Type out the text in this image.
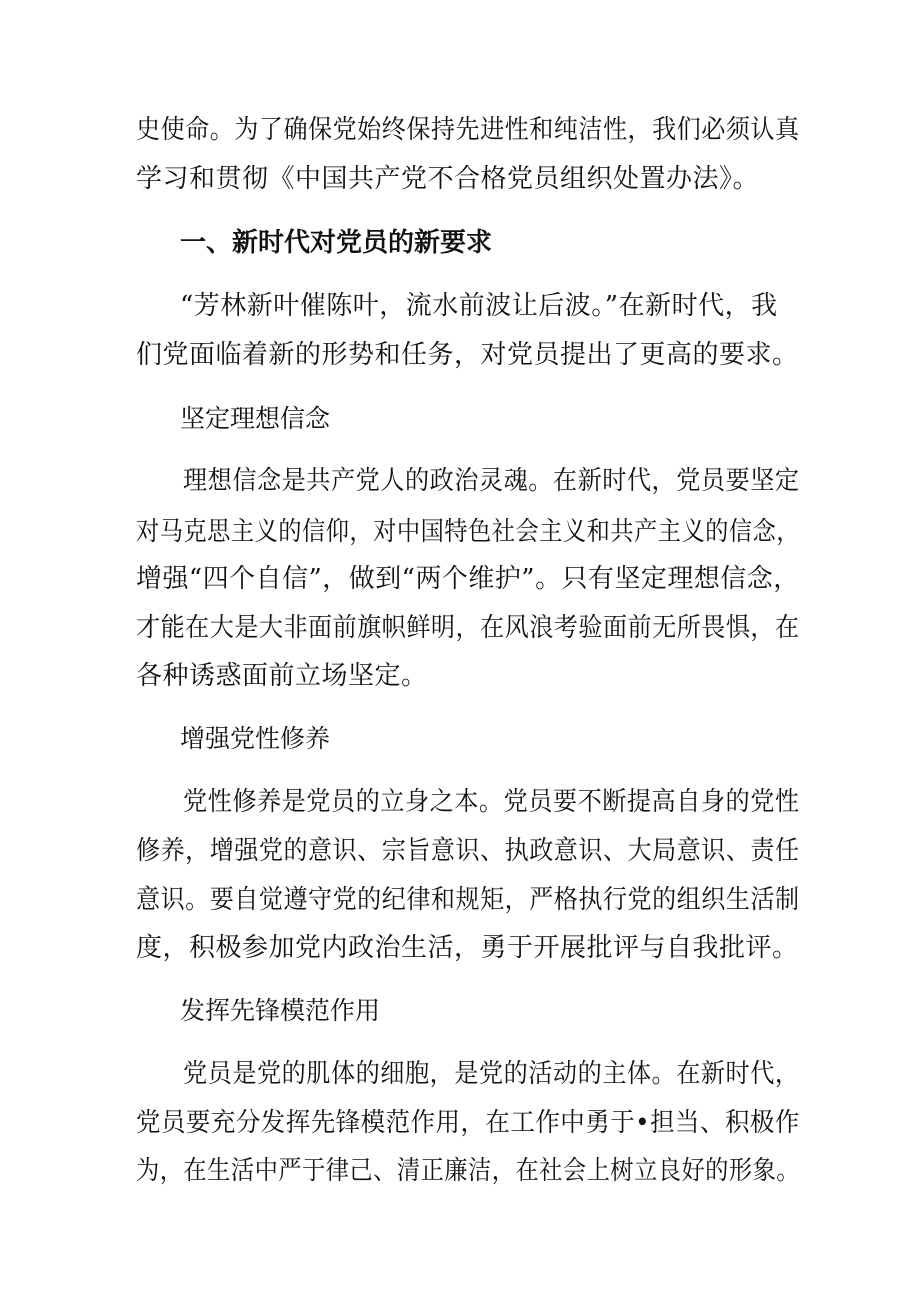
史使命。为了确保党始终保持先进性和纯洁性，我们必须认真
学习和贯彻《中国共产党不合格党员组织处置办法》。
一、新时代对党员的新要求
“芳林新叶催陈叶，流水前波让后波。”在新时代，我
们党面临着新的形势和任务，对党员提出了更高的要求。
坚定理想信念
理想信念是共产党人的政治灵魂。在新时代，党员要坚定
对马克思主义的信仰，对中国特色社会主义和共产主义的信念，
增强“四个自信”，做到“两个维护”。只有坚定理想信念，
才能在大是大非面前旗帜鲜明，在风浪考验面前无所畏惧，在
各种诱惑面前立场坚定。
增强党性修养
党性修养是党员的立身之本。党员要不断提高自身的党性
修养，增强党的意识、宗旨意识、执政意识、大局意识、责任
意识。要自觉遵守党的纪律和规矩，严格执行党的组织生活制
度，积极参加党内政治生活，勇于开展批评与自我批评。
发挥先锋模范作用
党员是党的肌体的细胞，是党的活动的主体。在新时代，
党员要充分发挥先锋模范作用，在工作中勇于•担当、积极作
为，在生活中严于律己、清正廉洁，在社会上树立良好的形象。
